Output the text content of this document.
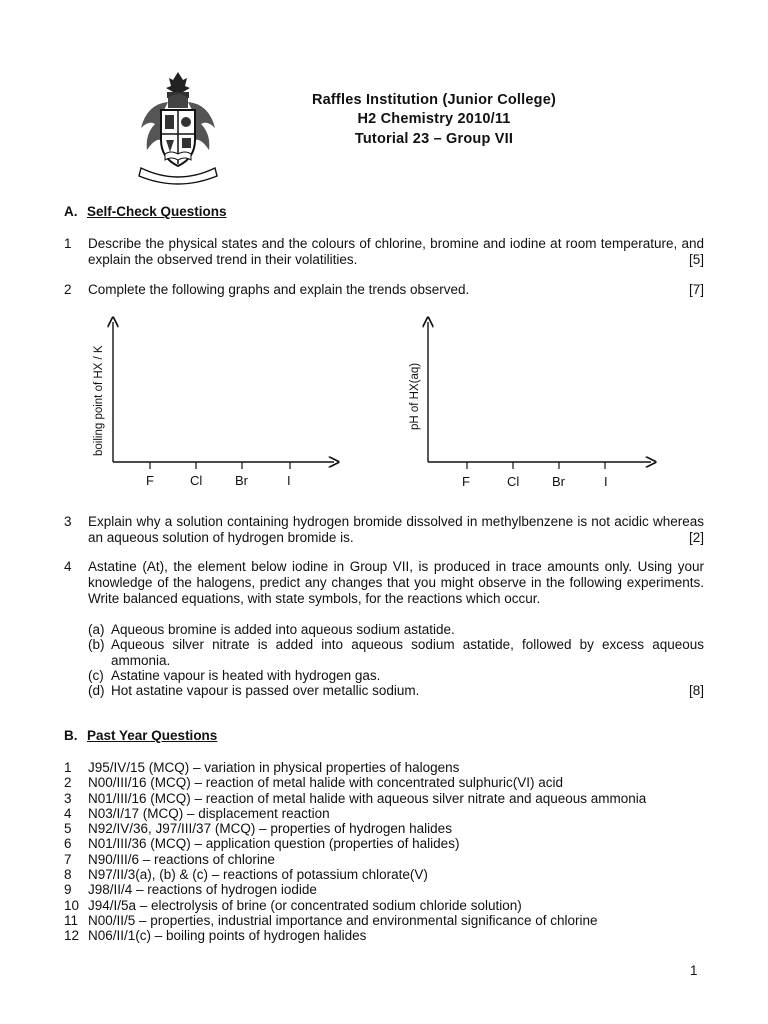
Raffles Institution (Junior College)
H2 Chemistry 2010/11
Tutorial 23 – Group VII
A. Self-Check Questions
1 Describe the physical states and the colours of chlorine, bromine and iodine at room temperature, and explain the observed trend in their volatilities.	[5]
2 Complete the following graphs and explain the trends observed.	[7]
boiling point of HX / K
F	Cl	Br	I
pH of HX(aq)
F	Cl	Br	I
3 Explain why a solution containing hydrogen bromide dissolved in methylbenzene is not acidic whereas an aqueous solution of hydrogen bromide is.	[2]
4 Astatine (At), the element below iodine in Group VII, is produced in trace amounts only. Using your knowledge of the halogens, predict any changes that you might observe in the following experiments. Write balanced equations, with state symbols, for the reactions which occur.
(a) Aqueous bromine is added into aqueous sodium astatide.
(b) Aqueous silver nitrate is added into aqueous sodium astatide, followed by excess aqueous ammonia.
(c) Astatine vapour is heated with hydrogen gas.
(d) Hot astatine vapour is passed over metallic sodium.	[8]
B. Past Year Questions
1 J95/IV/15 (MCQ) – variation in physical properties of halogens
2 N00/III/16 (MCQ) – reaction of metal halide with concentrated sulphuric(VI) acid
3 N01/III/16 (MCQ) – reaction of metal halide with aqueous silver nitrate and aqueous ammonia
4 N03/I/17 (MCQ) – displacement reaction
5 N92/IV/36, J97/III/37 (MCQ) – properties of hydrogen halides
6 N01/III/36 (MCQ) – application question (properties of halides)
7 N90/III/6 – reactions of chlorine
8 N97/II/3(a), (b) & (c) – reactions of potassium chlorate(V)
9 J98/II/4 – reactions of hydrogen iodide
10 J94/I/5a – electrolysis of brine (or concentrated sodium chloride solution)
11 N00/II/5 – properties, industrial importance and environmental significance of chlorine
12 N06/II/1(c) – boiling points of hydrogen halides
1
